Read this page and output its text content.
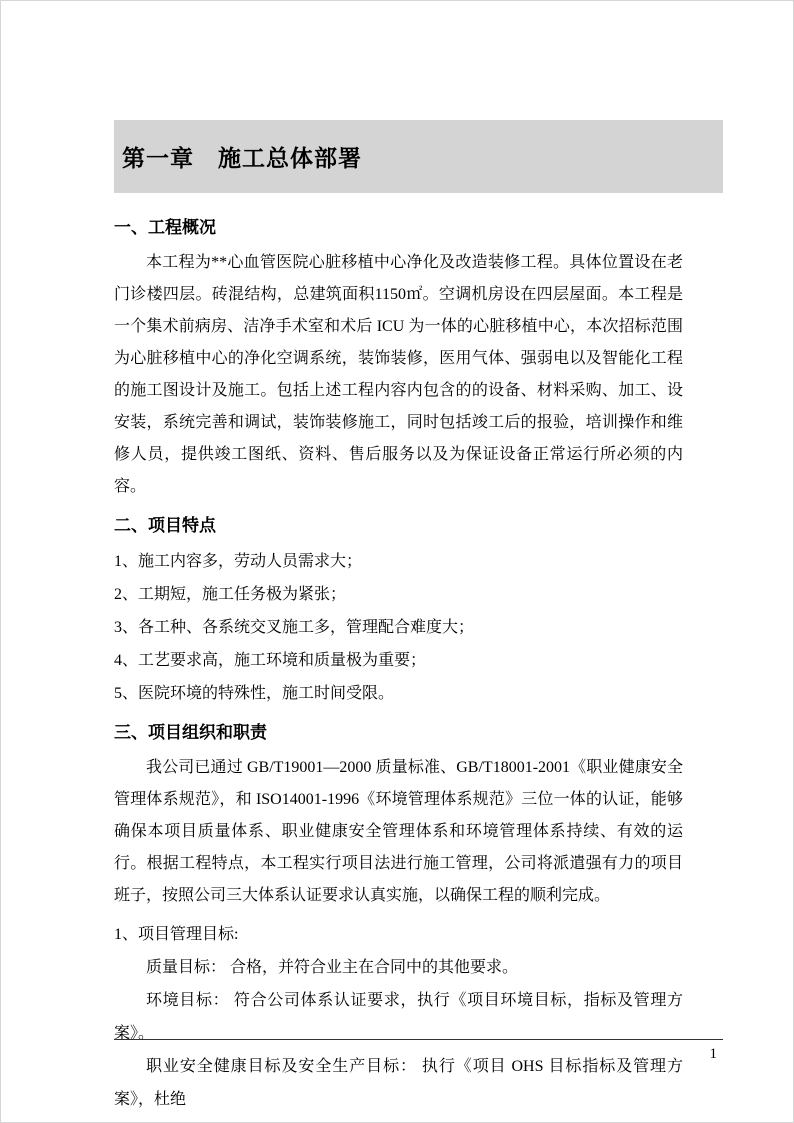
第一章　施工总体部署
一、工程概况

本工程为**心血管医院心脏移植中心净化及改造装修工程。具体位置设在老门诊楼四层。砖混结构，总建筑面积1150㎡。空调机房设在四层屋面。本工程是一个集术前病房、洁净手术室和术后 ICU 为一体的心脏移植中心，本次招标范围为心脏移植中心的净化空调系统，装饰装修，医用气体、强弱电以及智能化工程的施工图设计及施工。包括上述工程内容内包含的的设备、材料采购、加工、设安装，系统完善和调试，装饰装修施工，同时包括竣工后的报验，培训操作和维修人员，提供竣工图纸、资料、售后服务以及为保证设备正常运行所必须的内容。

二、项目特点

1、施工内容多，劳动人员需求大；

2、工期短，施工任务极为紧张；

3、各工种、各系统交叉施工多，管理配合难度大；

4、工艺要求高，施工环境和质量极为重要；

5、医院环境的特殊性，施工时间受限。

三、项目组织和职责

我公司已通过 GB/T19001—2000 质量标准、GB/T18001-2001《职业健康安全管理体系规范》，和 ISO14001-1996《环境管理体系规范》三位一体的认证，能够确保本项目质量体系、职业健康安全管理体系和环境管理体系持续、有效的运行。根据工程特点，本工程实行项目法进行施工管理，公司将派遣强有力的项目班子，按照公司三大体系认证要求认真实施，以确保工程的顺利完成。

1、项目管理目标:

质量目标： 合格，并符合业主在合同中的其他要求。

环境目标： 符合公司体系认证要求，执行《项目环境目标，指标及管理方案》。

职业安全健康目标及安全生产目标： 执行《项目 OHS 目标指标及管理方案》，杜绝

1
